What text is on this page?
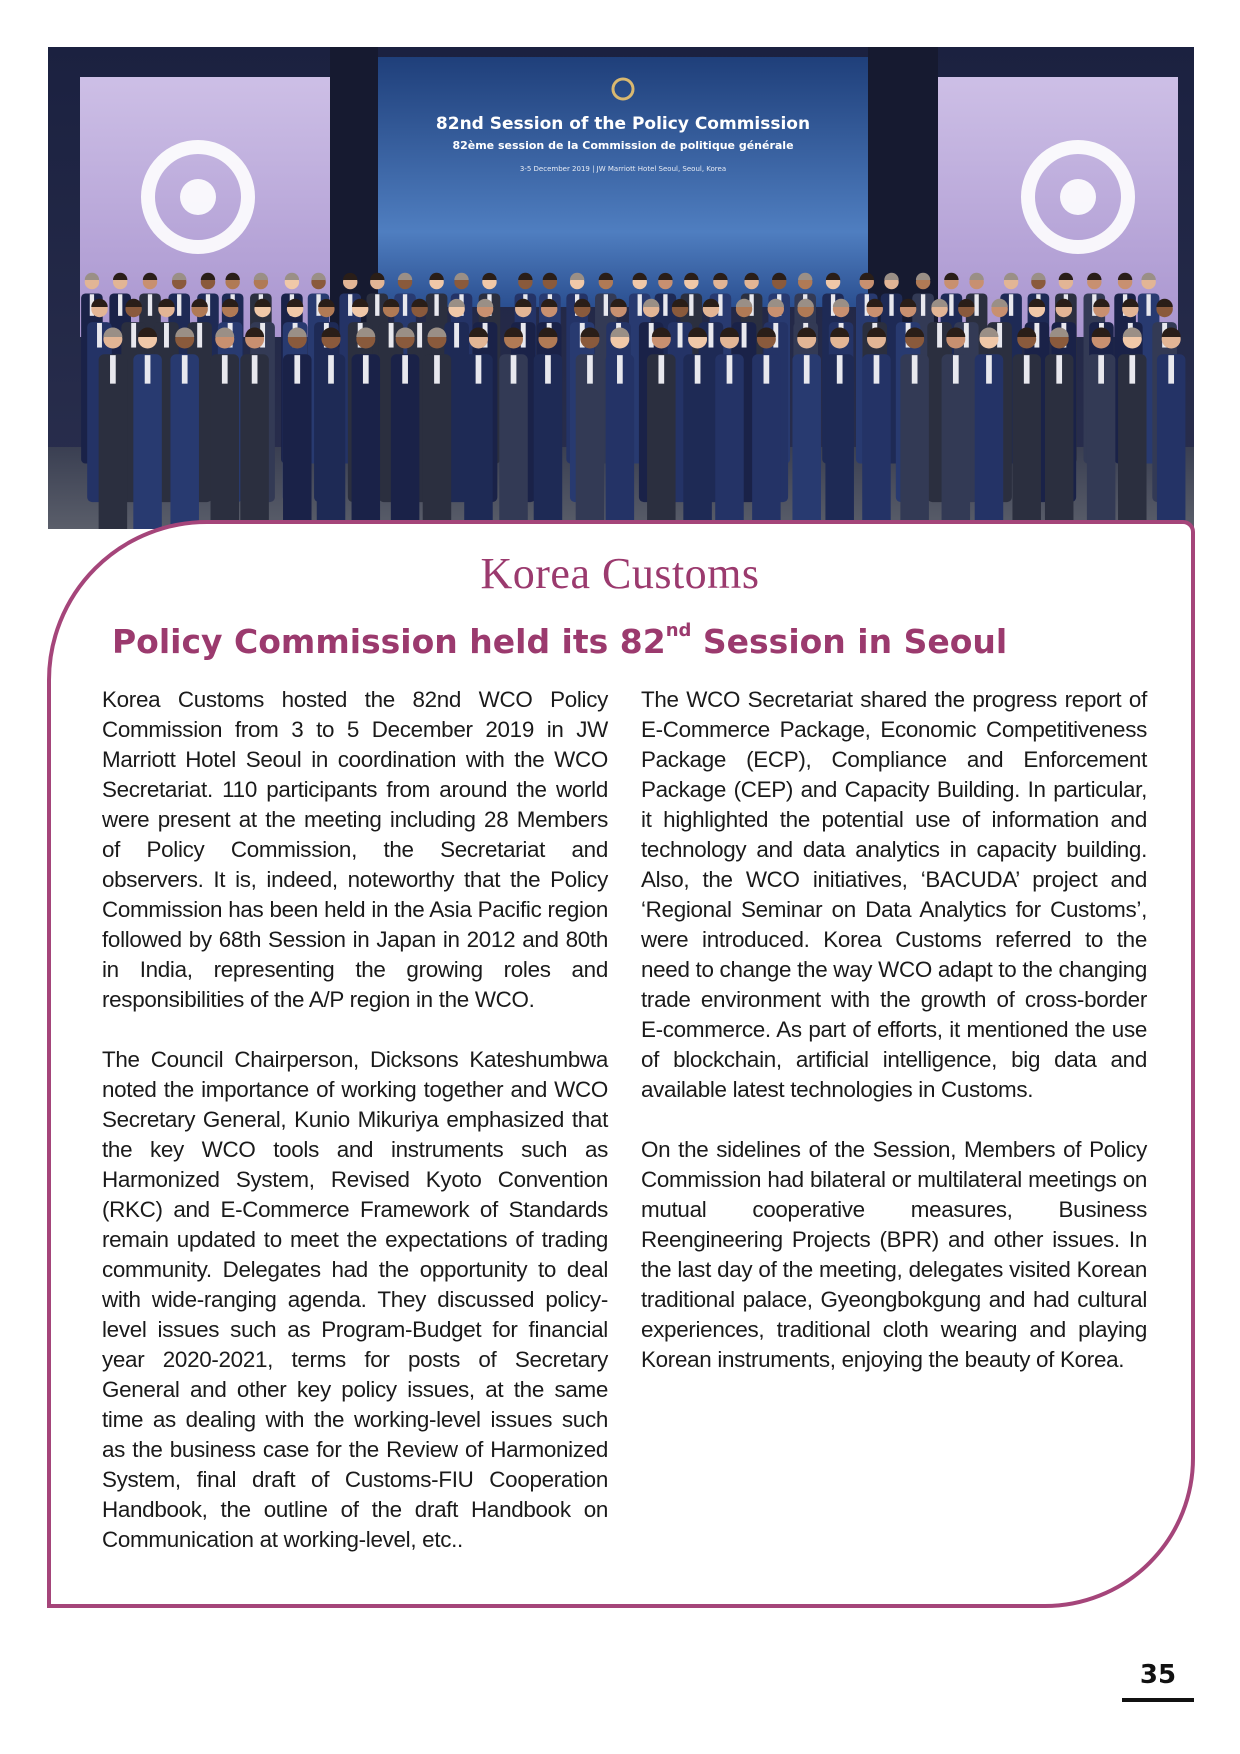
82nd Session of the Policy Commission
82ème session de la Commission de politique générale
3-5 December 2019 | JW Marriott Hotel Seoul, Seoul, Korea
Korea Customs
Policy Commission held its 82nd Session in Seoul

Korea Customs hosted the 82nd WCO Policy Commission from 3 to 5 December 2019 in JW Marriott Hotel Seoul in coordination with the WCO Secretariat. 110 participants from around the world were present at the meeting including 28 Members of Policy Commission, the Secretariat and observers. It is, indeed, noteworthy that the Policy Commission has been held in the Asia Pacific region followed by 68th Session in Japan in 2012 and 80th in India, representing the growing roles and responsibilities of the A/P region in the WCO.

The Council Chairperson, Dicksons Kateshumbwa noted the importance of working together and WCO Secretary General, Kunio Mikuriya emphasized that the key WCO tools and instruments such as Harmonized System, Revised Kyoto Convention (RKC) and E-Commerce Framework of Standards remain updated to meet the expectations of trading community. Delegates had the opportunity to deal with wide-ranging agenda. They discussed policy-level issues such as Program-Budget for financial year 2020-2021, terms for posts of Secretary General and other key policy issues, at the same time as dealing with the working-level issues such as the business case for the Review of Harmonized System, final draft of Customs-FIU Cooperation Handbook, the outline of the draft Handbook on Communication at working-level, etc..

The WCO Secretariat shared the progress report of E-Commerce Package, Economic Competitiveness Package (ECP), Compliance and Enforcement Package (CEP) and Capacity Building. In particular, it highlighted the potential use of information and technology and data analytics in capacity building. Also, the WCO initiatives, ‘BACUDA’ project and ‘Regional Seminar on Data Analytics for Customs’, were introduced. Korea Customs referred to the need to change the way WCO adapt to the changing trade environment with the growth of cross-border E-commerce. As part of efforts, it mentioned the use of blockchain, artificial intelligence, big data and available latest technologies in Customs.

On the sidelines of the Session, Members of Policy Commission had bilateral or multilateral meetings on mutual cooperative measures, Business Reengineering Projects (BPR) and other issues. In the last day of the meeting, delegates visited Korean traditional palace, Gyeongbokgung and had cultural experiences, traditional cloth wearing and playing Korean instruments, enjoying the beauty of Korea.

35
